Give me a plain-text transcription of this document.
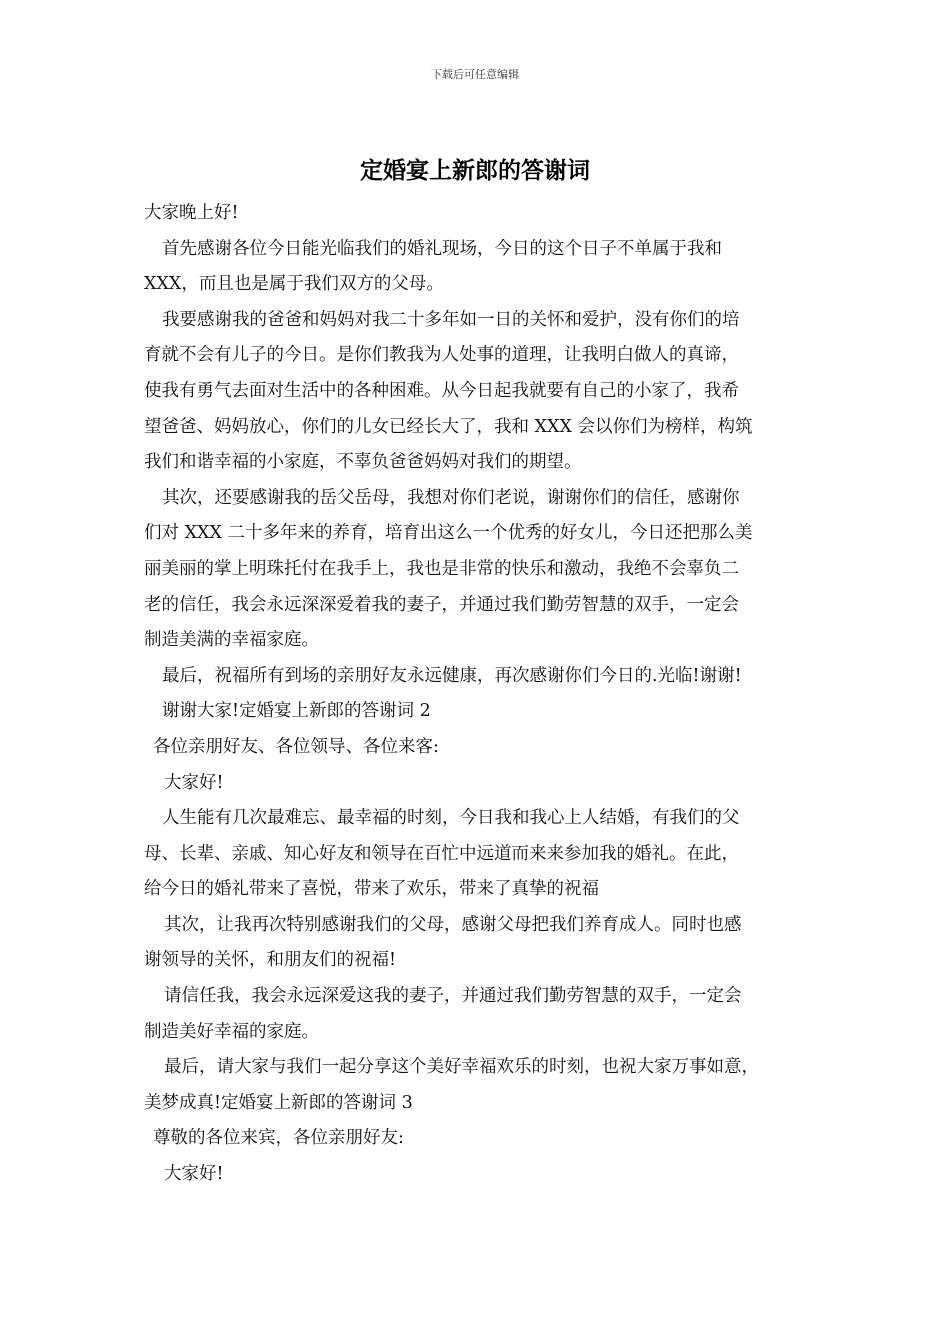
下载后可任意编辑
定婚宴上新郎的答谢词
大家晚上好!
首先感谢各位今日能光临我们的婚礼现场，今日的这个日子不单属于我和
XXX，而且也是属于我们双方的父母。
我要感谢我的爸爸和妈妈对我二十多年如一日的关怀和爱护，没有你们的培
育就不会有儿子的今日。是你们教我为人处事的道理，让我明白做人的真谛，
使我有勇气去面对生活中的各种困难。从今日起我就要有自己的小家了，我希
望爸爸、妈妈放心，你们的儿女已经长大了，我和 XXX 会以你们为榜样，构筑
我们和谐幸福的小家庭，不辜负爸爸妈妈对我们的期望。
其次，还要感谢我的岳父岳母，我想对你们老说，谢谢你们的信任，感谢你
们对 XXX 二十多年来的养育，培育出这么一个优秀的好女儿，今日还把那么美
丽美丽的掌上明珠托付在我手上，我也是非常的快乐和激动，我绝不会辜负二
老的信任，我会永远深深爱着我的妻子，并通过我们勤劳智慧的双手，一定会
制造美满的幸福家庭。
最后，祝福所有到场的亲朋好友永远健康，再次感谢你们今日的.光临!谢谢!
谢谢大家!定婚宴上新郎的答谢词 2
各位亲朋好友、各位领导、各位来客:
大家好!
人生能有几次最难忘、最幸福的时刻，今日我和我心上人结婚，有我们的父
母、长辈、亲戚、知心好友和领导在百忙中远道而来来参加我的婚礼。在此，
给今日的婚礼带来了喜悦，带来了欢乐，带来了真挚的祝福
其次，让我再次特别感谢我们的父母，感谢父母把我们养育成人。同时也感
谢领导的关怀，和朋友们的祝福!
请信任我，我会永远深爱这我的妻子，并通过我们勤劳智慧的双手，一定会
制造美好幸福的家庭。
最后，请大家与我们一起分享这个美好幸福欢乐的时刻，也祝大家万事如意，
美梦成真!定婚宴上新郎的答谢词 3
尊敬的各位来宾，各位亲朋好友:
大家好!
